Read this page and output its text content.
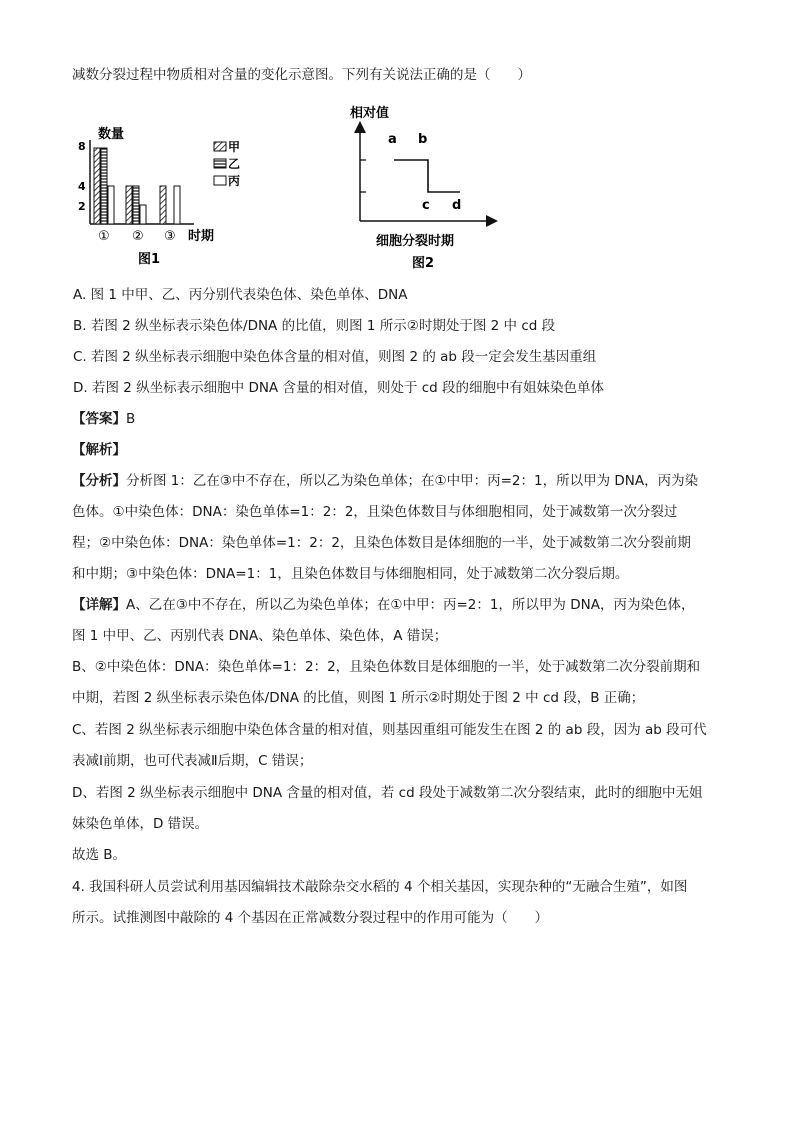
减数分裂过程中物质相对含量的变化示意图。下列有关说法正确的是（　　）
数量
8
4
2
① ② ③ 时期
图1
甲
乙
丙
相对值
a b
c d
细胞分裂时期
图2
A. 图 1 中甲、乙、丙分别代表染色体、染色单体、DNA
B. 若图 2 纵坐标表示染色体/DNA 的比值，则图 1 所示②时期处于图 2 中 cd 段
C. 若图 2 纵坐标表示细胞中染色体含量的相对值，则图 2 的 ab 段一定会发生基因重组
D. 若图 2 纵坐标表示细胞中 DNA 含量的相对值，则处于 cd 段的细胞中有姐妹染色单体
【答案】B
【解析】
【分析】分析图 1：乙在③中不存在，所以乙为染色单体；在①中甲：丙=2：1，所以甲为 DNA，丙为染
色体。①中染色体：DNA：染色单体=1：2：2，且染色体数目与体细胞相同，处于减数第一次分裂过
程；②中染色体：DNA：染色单体=1：2：2，且染色体数目是体细胞的一半，处于减数第二次分裂前期
和中期；③中染色体：DNA=1：1，且染色体数目与体细胞相同，处于减数第二次分裂后期。
【详解】A、乙在③中不存在，所以乙为染色单体；在①中甲：丙=2：1，所以甲为 DNA，丙为染色体，
图 1 中甲、乙、丙别代表 DNA、染色单体、染色体，A 错误；
B、②中染色体：DNA：染色单体=1：2：2，且染色体数目是体细胞的一半，处于减数第二次分裂前期和
中期，若图 2 纵坐标表示染色体/DNA 的比值，则图 1 所示②时期处于图 2 中 cd 段，B 正确；
C、若图 2 纵坐标表示细胞中染色体含量的相对值，则基因重组可能发生在图 2 的 ab 段，因为 ab 段可代
表减Ⅰ前期，也可代表减Ⅱ后期，C 错误；
D、若图 2 纵坐标表示细胞中 DNA 含量的相对值，若 cd 段处于减数第二次分裂结束，此时的细胞中无姐
妹染色单体，D 错误。
故选 B。
4. 我国科研人员尝试利用基因编辑技术敲除杂交水稻的 4 个相关基因，实现杂种的“无融合生殖”，如图
所示。试推测图中敲除的 4 个基因在正常减数分裂过程中的作用可能为（　　）
